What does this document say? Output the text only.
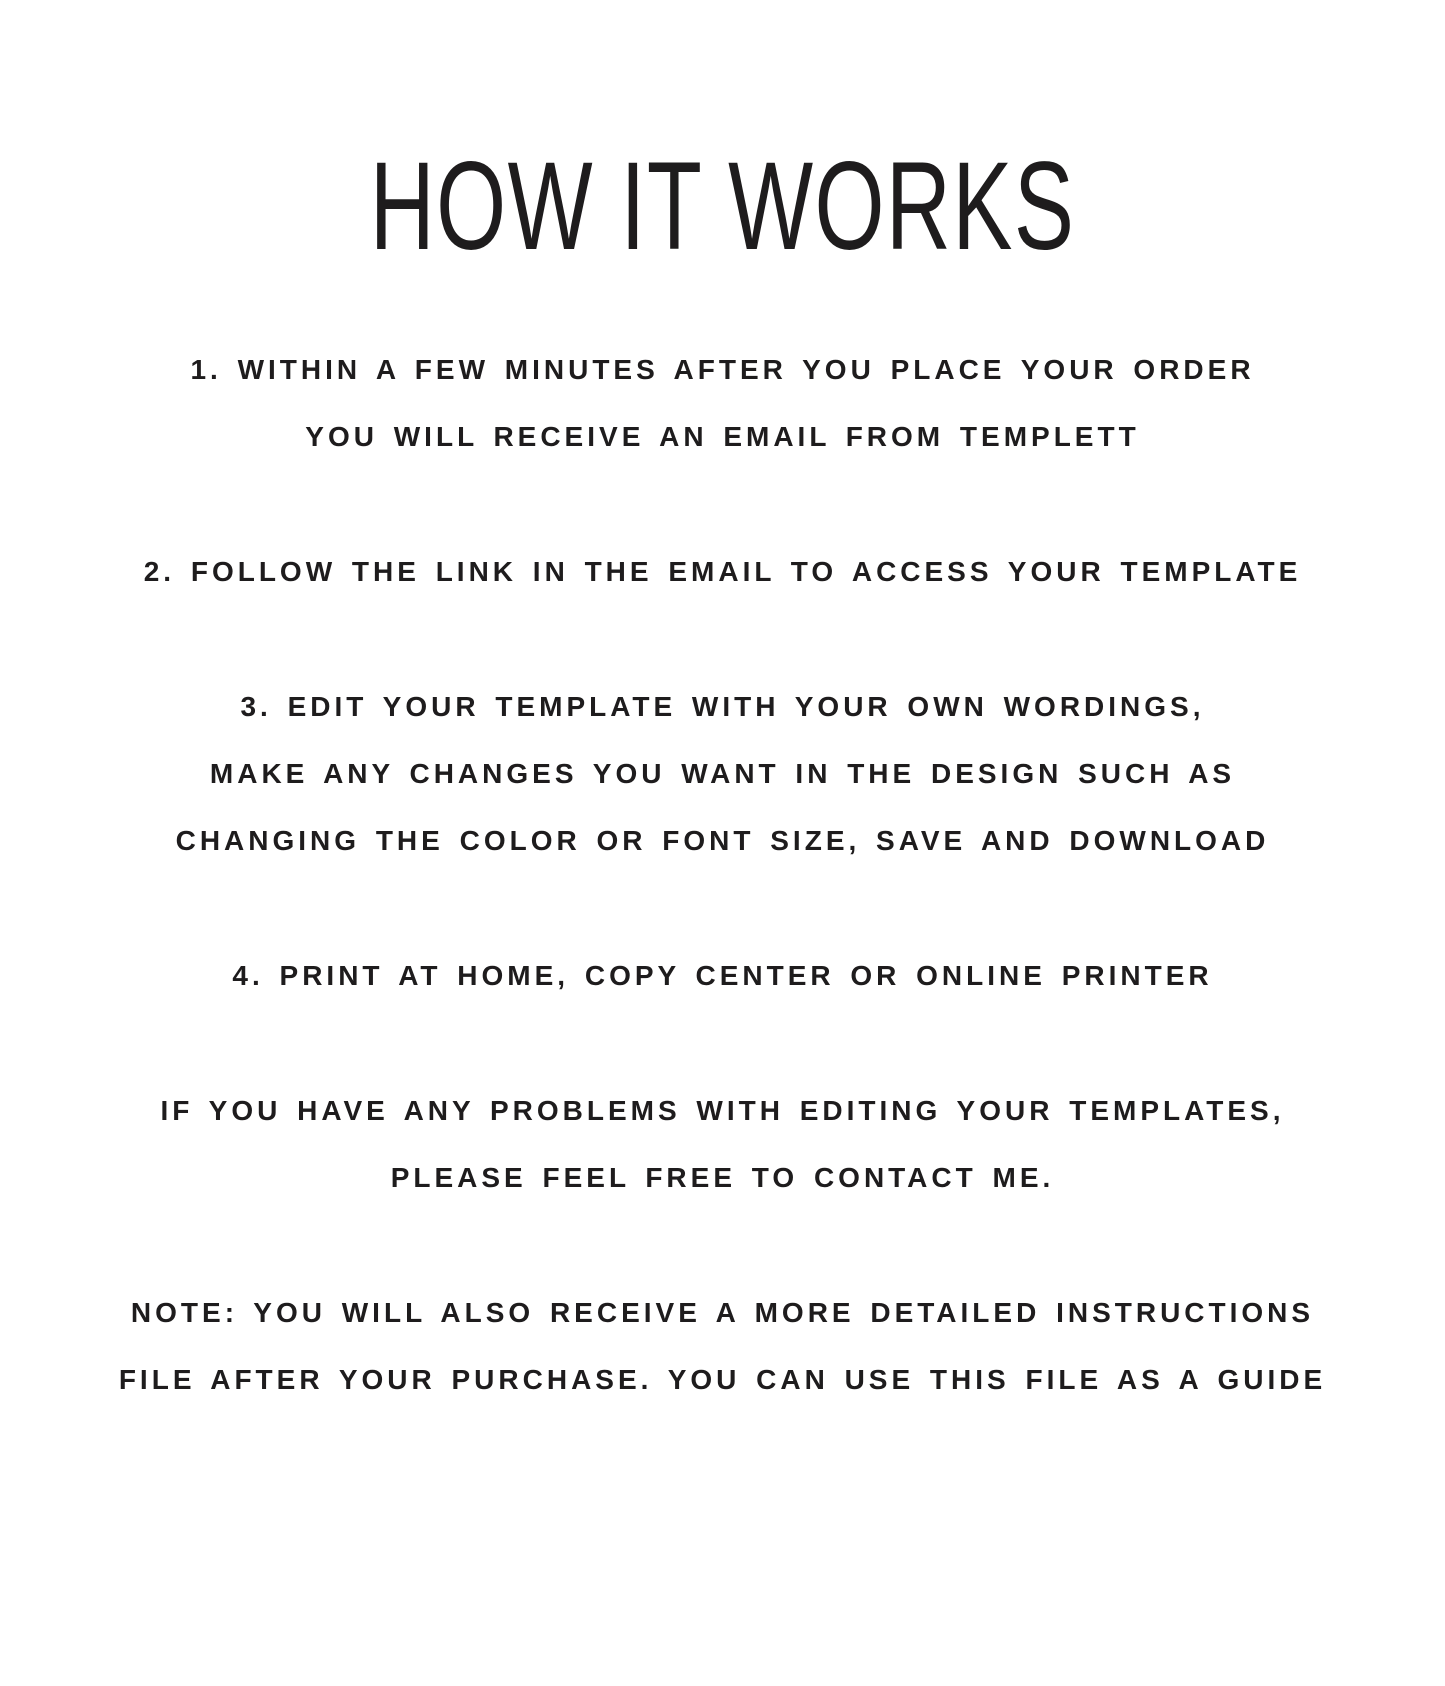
HOW IT WORKS

1. WITHIN A FEW MINUTES AFTER YOU PLACE YOUR ORDER

YOU WILL RECEIVE AN EMAIL FROM TEMPLETT

2. FOLLOW THE LINK IN THE EMAIL TO ACCESS YOUR TEMPLATE

3. EDIT YOUR TEMPLATE WITH YOUR OWN WORDINGS,

MAKE ANY CHANGES YOU WANT IN THE DESIGN SUCH AS

CHANGING THE COLOR OR FONT SIZE, SAVE AND DOWNLOAD

4. PRINT AT HOME, COPY CENTER OR ONLINE PRINTER

IF YOU HAVE ANY PROBLEMS WITH EDITING YOUR TEMPLATES,

PLEASE FEEL FREE TO CONTACT ME.

NOTE: YOU WILL ALSO RECEIVE A MORE DETAILED INSTRUCTIONS

FILE AFTER YOUR PURCHASE. YOU CAN USE THIS FILE AS A GUIDE
